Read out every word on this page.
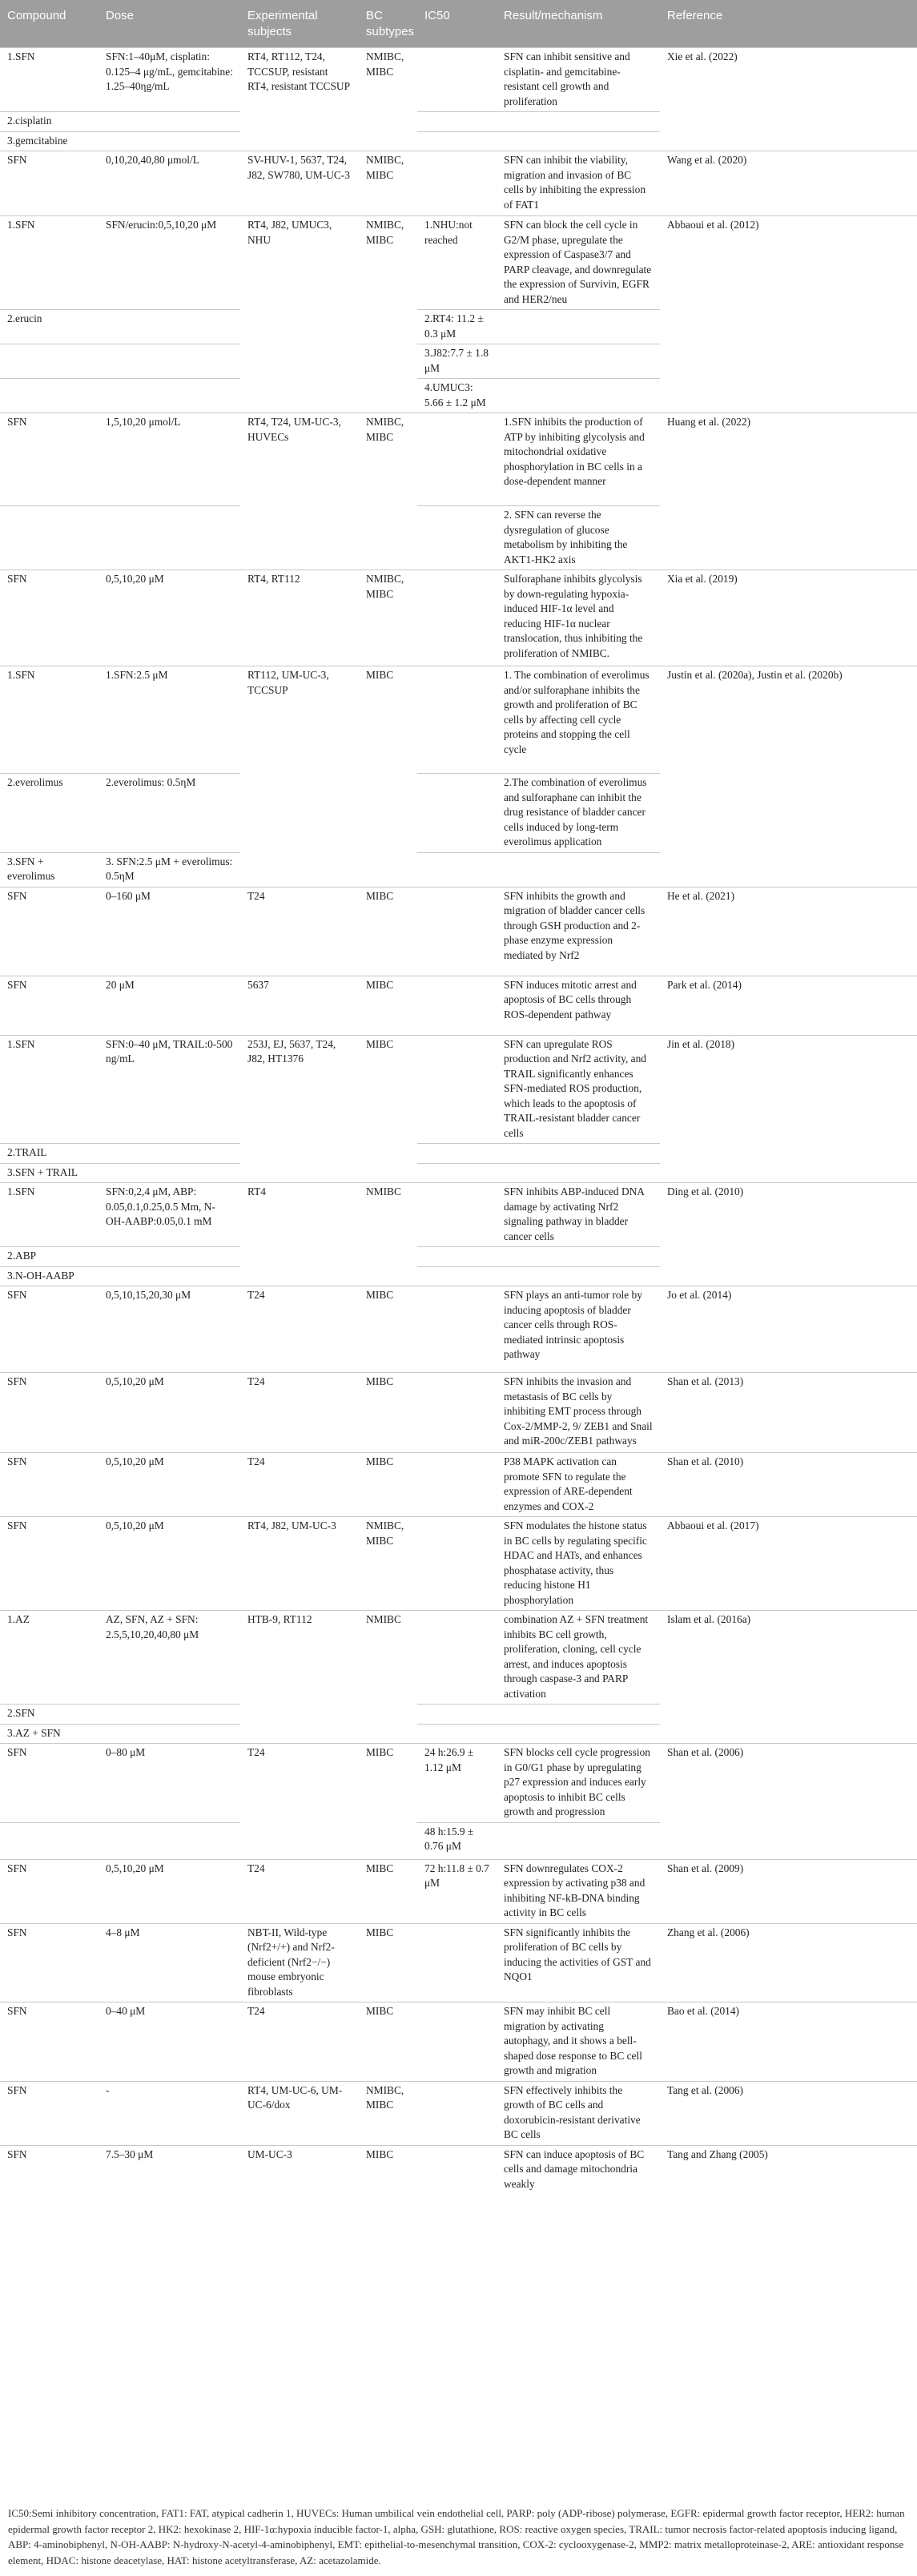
Compound	Dose	Experimental subjects	BC subtypes	IC50	Result/mechanism	Reference
1.SFN	SFN:1–40μM, cisplatin: 0.125–4 μg/mL, gemcitabine: 1.25–40ηg/mL	RT4, RT112, T24, TCCSUP, resistant RT4, resistant TCCSUP	NMIBC, MIBC		SFN can inhibit sensitive and cisplatin- and gemcitabine-resistant cell growth and proliferation	Xie et al. (2022)
2.cisplatin						
3.gemcitabine						
SFN	0,10,20,40,80 μmol/L	SV-HUV-1, 5637, T24, J82, SW780, UM-UC-3	NMIBC, MIBC		SFN can inhibit the viability, migration and invasion of BC cells by inhibiting the expression of FAT1	Wang et al. (2020)
1.SFN	SFN/erucin:0,5,10,20 μM	RT4, J82, UMUC3, NHU	NMIBC, MIBC	1.NHU:not reached	SFN can block the cell cycle in G2/M phase, upregulate the expression of Caspase3/7 and PARP cleavage, and downregulate the expression of Survivin, EGFR and HER2/neu	Abbaoui et al. (2012)
2.erucin				2.RT4: 11.2 ± 0.3 μM		
				3.J82:7.7 ± 1.8 μM		
				4.UMUC3: 5.66 ± 1.2 μM		
SFN	1,5,10,20 μmol/L	RT4, T24, UM-UC-3, HUVECs	NMIBC, MIBC		1.SFN inhibits the production of ATP by inhibiting glycolysis and mitochondrial oxidative phosphorylation in BC cells in a dose-dependent manner	Huang et al. (2022)
					2. SFN can reverse the dysregulation of glucose metabolism by inhibiting the AKT1-HK2 axis	
SFN	0,5,10,20 μM	RT4, RT112	NMIBC, MIBC		Sulforaphane inhibits glycolysis by down-regulating hypoxia-induced HIF-1α level and reducing HIF-1α nuclear translocation, thus inhibiting the proliferation of NMIBC.	Xia et al. (2019)
1.SFN	1.SFN:2.5 μM	RT112, UM-UC-3, TCCSUP	MIBC		1. The combination of everolimus and/or sulforaphane inhibits the growth and proliferation of BC cells by affecting cell cycle proteins and stopping the cell cycle	Justin et al. (2020a), Justin et al. (2020b)
2.everolimus	2.everolimus: 0.5ηM				2.The combination of everolimus and sulforaphane can inhibit the drug resistance of bladder cancer cells induced by long-term everolimus application	
3.SFN + everolimus	3. SFN:2.5 μM + everolimus: 0.5ηM					
SFN	0–160 μM	T24	MIBC		SFN inhibits the growth and migration of bladder cancer cells through GSH production and 2-phase enzyme expression mediated by Nrf2	He et al. (2021)
SFN	20 μM	5637	MIBC		SFN induces mitotic arrest and apoptosis of BC cells through ROS-dependent pathway	Park et al. (2014)
1.SFN	SFN:0–40 μM, TRAIL:0-500 ng/mL	253J, EJ, 5637, T24, J82, HT1376	MIBC		SFN can upregulate ROS production and Nrf2 activity, and TRAIL significantly enhances SFN-mediated ROS production, which leads to the apoptosis of TRAIL-resistant bladder cancer cells	Jin et al. (2018)
2.TRAIL						
3.SFN + TRAIL						
1.SFN	SFN:0,2,4 μM, ABP: 0.05,0.1,0.25,0.5 Mm, N-OH-AABP:0.05,0.1 mM	RT4	NMIBC		SFN inhibits ABP-induced DNA damage by activating Nrf2 signaling pathway in bladder cancer cells	Ding et al. (2010)
2.ABP						
3.N-OH-AABP						
SFN	0,5,10,15,20,30 μM	T24	MIBC		SFN plays an anti-tumor role by inducing apoptosis of bladder cancer cells through ROS-mediated intrinsic apoptosis pathway	Jo et al. (2014)
SFN	0,5,10,20 μM	T24	MIBC		SFN inhibits the invasion and metastasis of BC cells by inhibiting EMT process through Cox-2/MMP-2, 9/ ZEB1 and Snail and miR-200c/ZEB1 pathways	Shan et al. (2013)
SFN	0,5,10,20 μM	T24	MIBC		P38 MAPK activation can promote SFN to regulate the expression of ARE-dependent enzymes and COX-2	Shan et al. (2010)
SFN	0,5,10,20 μM	RT4, J82, UM-UC-3	NMIBC, MIBC		SFN modulates the histone status in BC cells by regulating specific HDAC and HATs, and enhances phosphatase activity, thus reducing histone H1 phosphorylation	Abbaoui et al. (2017)
1.AZ	AZ, SFN, AZ + SFN: 2.5,5,10,20,40,80 μM	HTB-9, RT112	NMIBC		combination AZ + SFN treatment inhibits BC cell growth, proliferation, cloning, cell cycle arrest, and induces apoptosis through caspase-3 and PARP activation	Islam et al. (2016a)
2.SFN						
3.AZ + SFN						
SFN	0–80 μM	T24	MIBC	24 h:26.9 ± 1.12 μM	SFN blocks cell cycle progression in G0/G1 phase by upregulating p27 expression and induces early apoptosis to inhibit BC cells growth and progression	Shan et al. (2006)
				48 h:15.9 ± 0.76 μM		
SFN	0,5,10,20 μM	T24	MIBC	72 h:11.8 ± 0.7 μM	SFN downregulates COX-2 expression by activating p38 and inhibiting NF-kB-DNA binding activity in BC cells	Shan et al. (2009)
SFN	4–8 μM	NBT-II, Wild-type (Nrf2+/+) and Nrf2-deficient (Nrf2−/−) mouse embryonic fibroblasts	MIBC		SFN significantly inhibits the proliferation of BC cells by inducing the activities of GST and NQO1	Zhang et al. (2006)
SFN	0–40 μM	T24	MIBC		SFN may inhibit BC cell migration by activating autophagy, and it shows a bell-shaped dose response to BC cell growth and migration	Bao et al. (2014)
SFN	-	RT4, UM-UC-6, UM-UC-6/dox	NMIBC, MIBC		SFN effectively inhibits the growth of BC cells and doxorubicin-resistant derivative BC cells	Tang et al. (2006)
SFN	7.5–30 μM	UM-UC-3	MIBC		SFN can induce apoptosis of BC cells and damage mitochondria weakly	Tang and Zhang (2005)
IC50:Semi inhibitory concentration, FAT1: FAT, atypical cadherin 1, HUVECs: Human umbilical vein endothelial cell, PARP: poly (ADP-ribose) polymerase, EGFR: epidermal growth factor receptor, HER2: human epidermal growth factor receptor 2, HK2: hexokinase 2, HIF-1α:hypoxia inducible factor-1, alpha, GSH: glutathione, ROS: reactive oxygen species, TRAIL: tumor necrosis factor-related apoptosis inducing ligand, ABP: 4-aminobiphenyl, N-OH-AABP: N-hydroxy-N-acetyl-4-aminobiphenyl, EMT: epithelial-to-mesenchymal transition, COX-2: cyclooxygenase-2, MMP2: matrix metalloproteinase-2, ARE: antioxidant response element, HDAC: histone deacetylase, HAT: histone acetyltransferase, AZ: acetazolamide.
